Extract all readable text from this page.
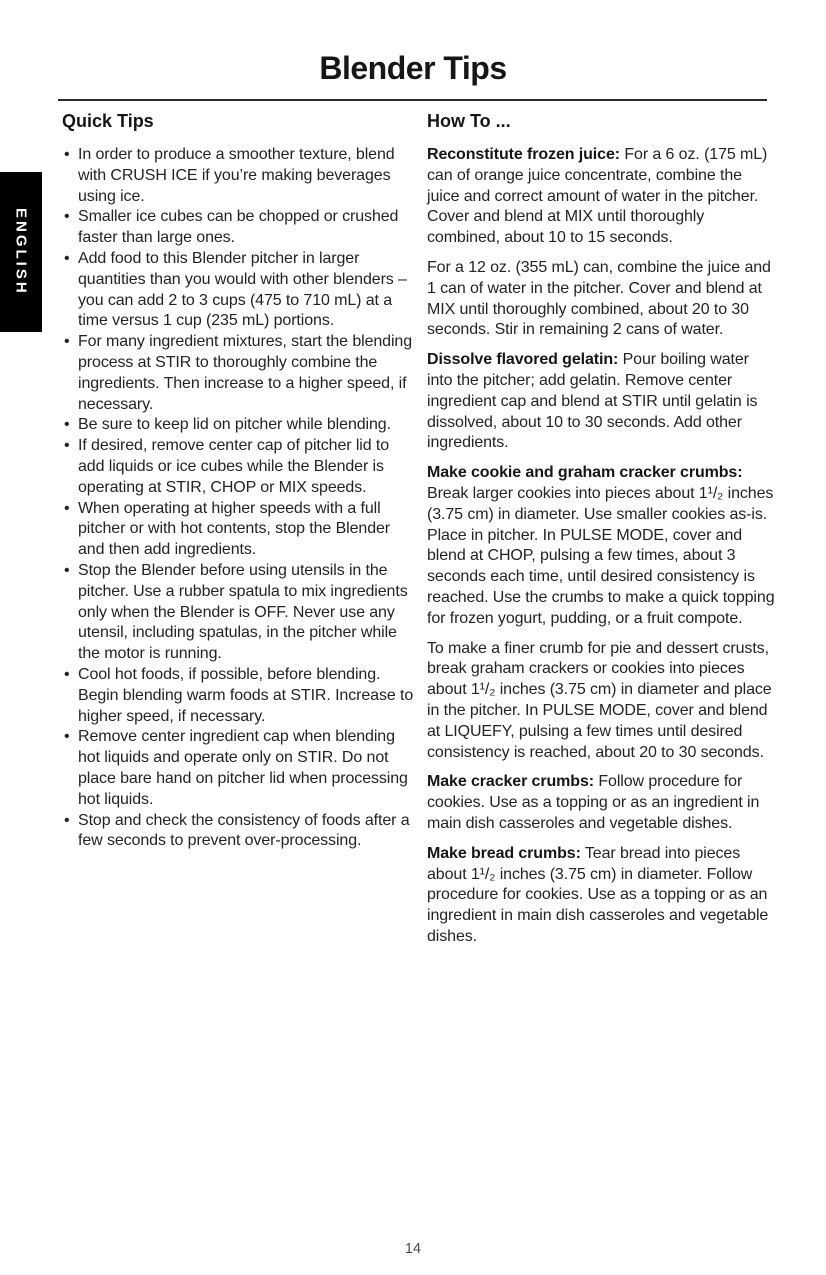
ENGLISH
Blender Tips
Quick Tips
• In order to produce a smoother texture, blend with CRUSH ICE if you’re making beverages using ice.
• Smaller ice cubes can be chopped or crushed faster than large ones.
• Add food to this Blender pitcher in larger quantities than you would with other blenders – you can add 2 to 3 cups (475 to 710 mL) at a time versus 1 cup (235 mL) portions.
• For many ingredient mixtures, start the blending process at STIR to thoroughly combine the ingredients. Then increase to a higher speed, if necessary.
• Be sure to keep lid on pitcher while blending.
• If desired, remove center cap of pitcher lid to add liquids or ice cubes while the Blender is operating at STIR, CHOP or MIX speeds.
• When operating at higher speeds with a full pitcher or with hot contents, stop the Blender and then add ingredients.
• Stop the Blender before using utensils in the pitcher. Use a rubber spatula to mix ingredients only when the Blender is OFF. Never use any utensil, including spatulas, in the pitcher while the motor is running.
• Cool hot foods, if possible, before blending. Begin blending warm foods at STIR. Increase to higher speed, if necessary.
• Remove center ingredient cap when blending hot liquids and operate only on STIR. Do not place bare hand on pitcher lid when processing hot liquids.
• Stop and check the consistency of foods after a few seconds to prevent over-processing.
How To ...

Reconstitute frozen juice: For a 6 oz. (175 mL) can of orange juice concentrate, combine the juice and correct amount of water in the pitcher. Cover and blend at MIX until thoroughly combined, about 10 to 15 seconds.

For a 12 oz. (355 mL) can, combine the juice and 1 can of water in the pitcher. Cover and blend at MIX until thoroughly combined, about 20 to 30 seconds. Stir in remaining 2 cans of water.

Dissolve flavored gelatin: Pour boiling water into the pitcher; add gelatin. Remove center ingredient cap and blend at STIR until gelatin is dissolved, about 10 to 30 seconds. Add other ingredients.

Make cookie and graham cracker crumbs: Break larger cookies into pieces about 1¹/₂ inches (3.75 cm) in diameter. Use smaller cookies as-is. Place in pitcher. In PULSE MODE, cover and blend at CHOP, pulsing a few times, about 3 seconds each time, until desired consistency is reached. Use the crumbs to make a quick topping for frozen yogurt, pudding, or a fruit compote.

To make a finer crumb for pie and dessert crusts, break graham crackers or cookies into pieces about 1¹/₂ inches (3.75 cm) in diameter and place in the pitcher. In PULSE MODE, cover and blend at LIQUEFY, pulsing a few times until desired consistency is reached, about 20 to 30 seconds.

Make cracker crumbs: Follow procedure for cookies. Use as a topping or as an ingredient in main dish casseroles and vegetable dishes.

Make bread crumbs: Tear bread into pieces about 1¹/₂ inches (3.75 cm) in diameter. Follow procedure for cookies. Use as a topping or as an ingredient in main dish casseroles and vegetable dishes.

14
